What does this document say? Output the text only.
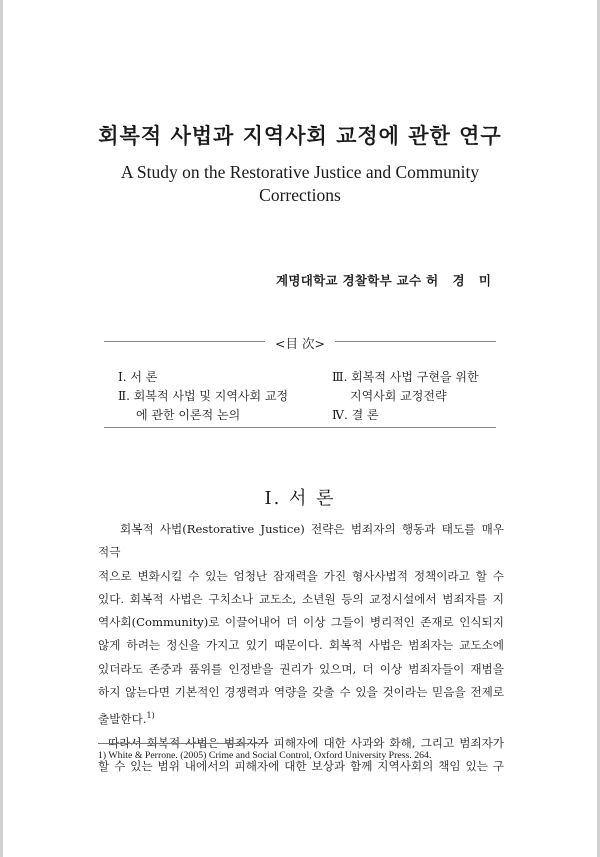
회복적 사법과 지역사회 교정에 관한 연구
A Study on the Restorative Justice and Community Corrections
계명대학교 경찰학부 교수 허 경 미
<目 次>
Ⅰ. 서 론
Ⅱ. 회복적 사법 및 지역사회 교정
에 관한 이론적 논의
Ⅲ. 회복적 사법 구현을 위한
지역사회 교정전략
Ⅳ. 결 론
Ⅰ. 서 론
회복적 사법(Restorative Justice) 전략은 범죄자의 행동과 태도를 매우 적극
적으로 변화시킬 수 있는 엄청난 잠재력을 가진 형사사법적 정책이라고 할 수
있다. 회복적 사법은 구치소나 교도소, 소년원 등의 교정시설에서 범죄자를 지
역사회(Community)로 이끌어내어 더 이상 그들이 병리적인 존재로 인식되지
않게 하려는 정신을 가지고 있기 때문이다. 회복적 사법은 범죄자는 교도소에
있더라도 존중과 품위를 인정받을 권리가 있으며, 더 이상 범죄자들이 재범을
하지 않는다면 기본적인 경쟁력과 역량을 갖출 수 있을 것이라는 믿음을 전제로
출발한다.$^{1)}$
따라서 회복적 사법은 범죄자가 피해자에 대한 사과와 화해, 그리고 범죄자가
할 수 있는 범위 내에서의 피해자에 대한 보상과 함께 지역사회의 책임 있는 구
1) White & Perrone. (2005) Crime and Social Control, Oxford University Press. 264.
